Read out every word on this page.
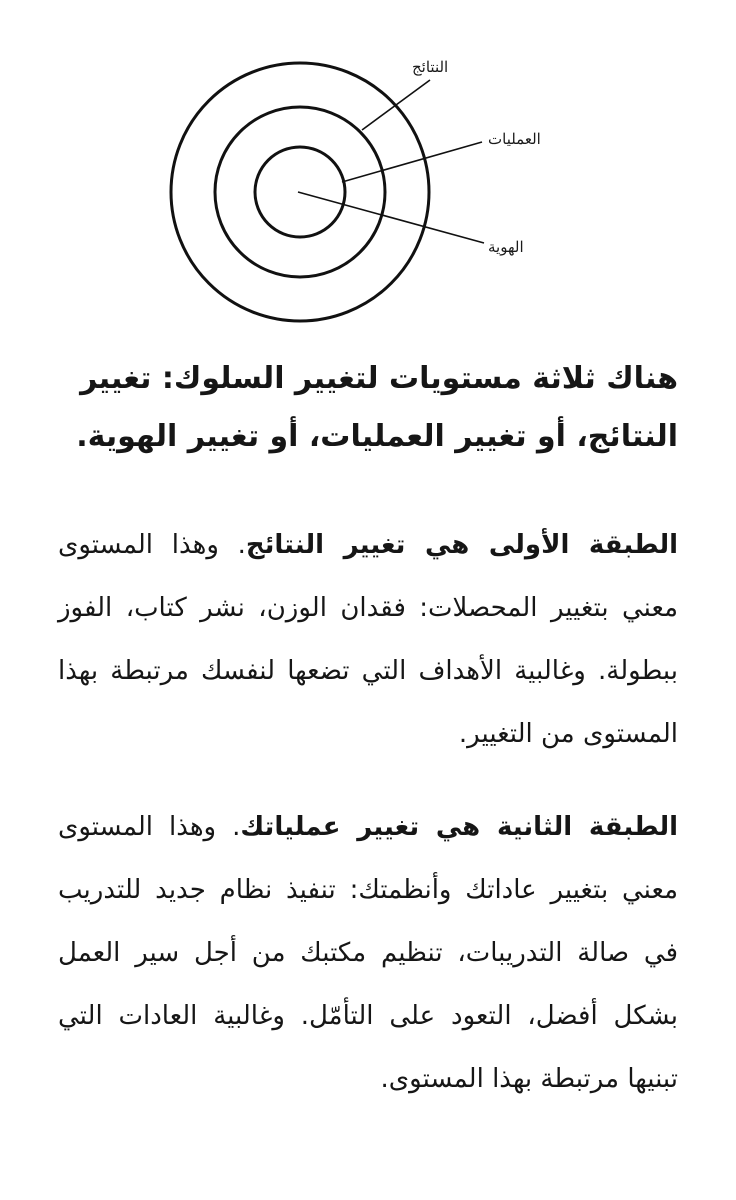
النتائج
العمليات
الهوية

هناك ثلاثة مستويات لتغيير السلوك: تغيير النتائج، أو تغيير العمليات، أو تغيير الهوية.

الطبقة الأولى هي تغيير النتائج. وهذا المستوى معني بتغيير المحصلات: فقدان الوزن، نشر كتاب، الفوز ببطولة. وغالبية الأهداف التي تضعها لنفسك مرتبطة بهذا المستوى من التغيير.

الطبقة الثانية هي تغيير عملياتك. وهذا المستوى معني بتغيير عاداتك وأنظمتك: تنفيذ نظام جديد للتدريب في صالة التدريبات، تنظيم مكتبك من أجل سير العمل بشكل أفضل، التعود على التأمّل. وغالبية العادات التي تبنيها مرتبطة بهذا المستوى.
